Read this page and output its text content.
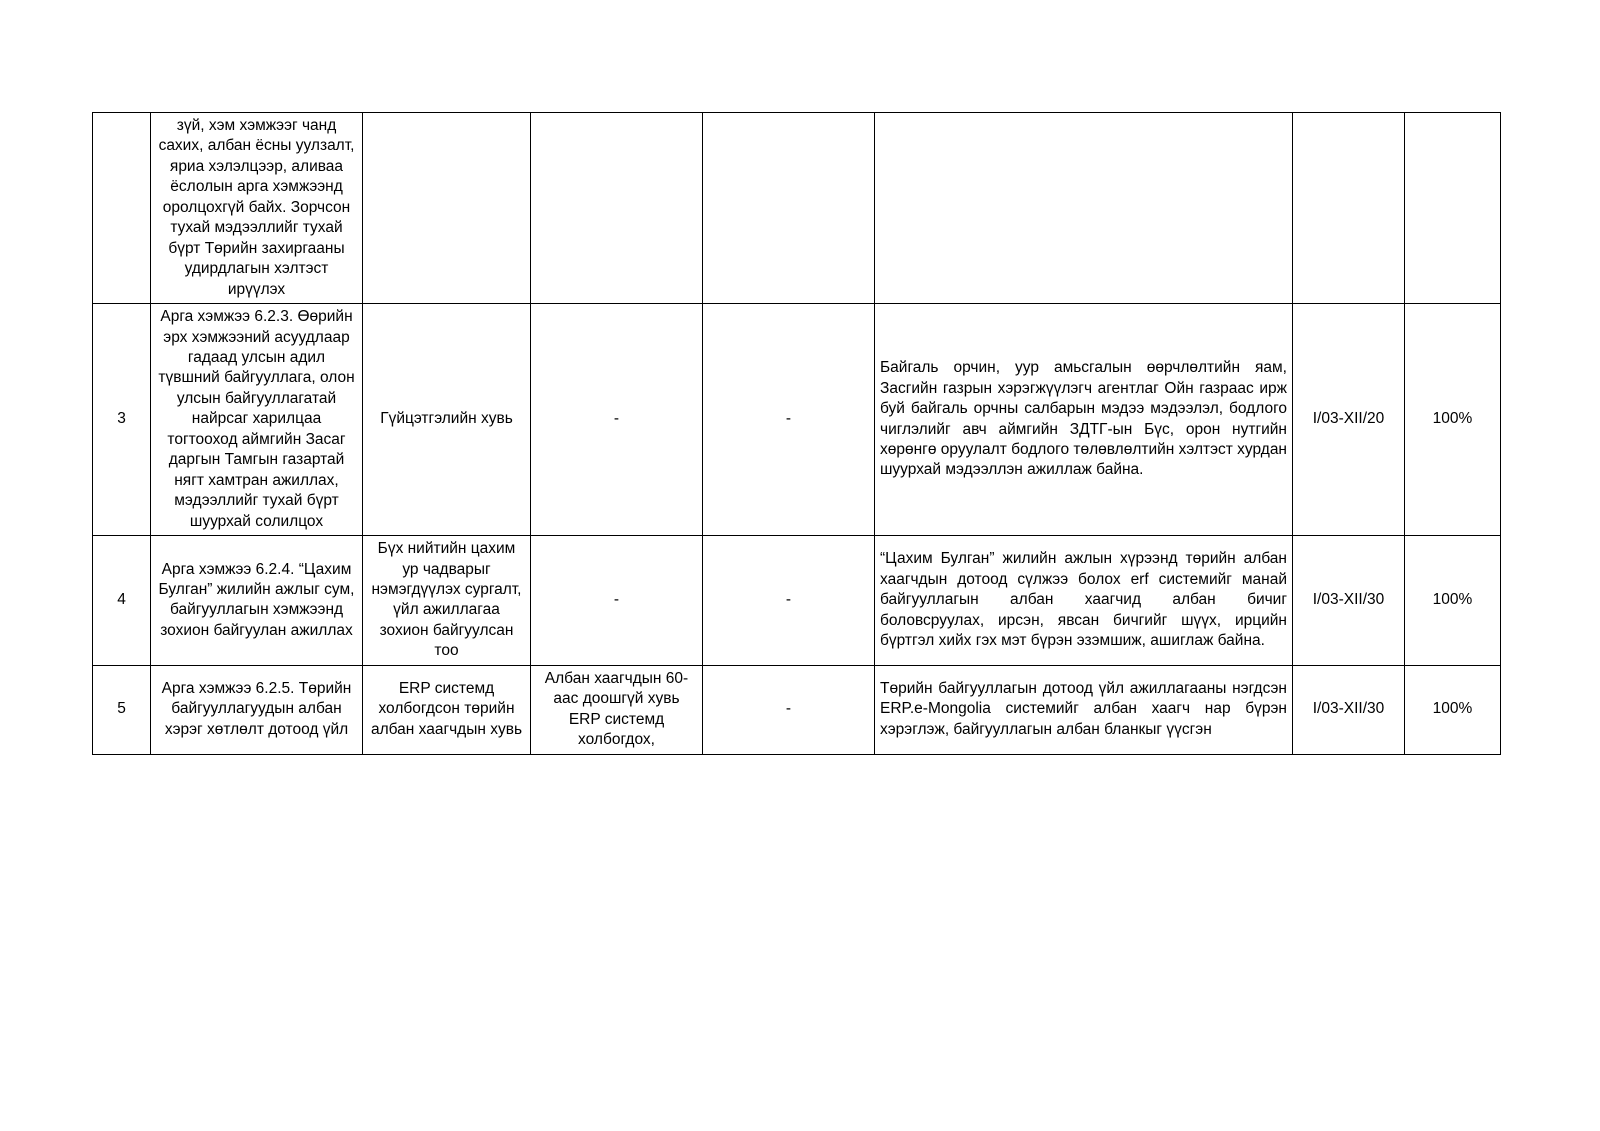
	зүй, хэм хэмжээг чанд сахих, албан ёсны уулзалт, яриа хэлэлцээр, аливаа ёслолын арга хэмжээнд оролцохгүй байх. Зорчсон тухай мэдээллийг тухай бүрт Төрийн захиргааны удирдлагын хэлтэст ирүүлэх						
3	Арга хэмжээ 6.2.3. Өөрийн эрх хэмжээний асуудлаар гадаад улсын адил түвшний байгууллага, олон улсын байгууллагатай найрсаг харилцаа тогтооход аймгийн Засаг даргын Тамгын газартай нягт хамтран ажиллах, мэдээллийг тухай бүрт шуурхай солилцох	Гүйцэтгэлийн хувь	-	-	Байгаль орчин, уур амьсгалын өөрчлөлтийн яам, Засгийн газрын хэрэгжүүлэгч агентлаг Ойн газраас ирж буй байгаль орчны салбарын мэдээ мэдээлэл, бодлого чиглэлийг авч аймгийн ЗДТГ-ын Бүс, орон нутгийн хөрөнгө оруулалт бодлого төлөвлөлтийн хэлтэст хурдан шуурхай мэдээллэн ажиллаж байна.	I/03-XII/20	100%
4	Арга хэмжээ 6.2.4. “Цахим Булган” жилийн ажлыг сум, байгууллагын хэмжээнд зохион байгуулан ажиллах	Бүх нийтийн цахим ур чадварыг нэмэгдүүлэх сургалт, үйл ажиллагаа зохион байгуулсан тоо	-	-	“Цахим Булган” жилийн ажлын хүрээнд төрийн албан хаагчдын дотоод сүлжээ болох erf системийг манай байгууллагын албан хаагчид албан бичиг боловсруулах, ирсэн, явсан бичгийг шүүх, ирцийн бүртгэл хийх гэх мэт бүрэн эзэмшиж, ашиглаж байна.	I/03-XII/30	100%
5	Арга хэмжээ 6.2.5. Төрийн байгууллагуудын албан хэрэг хөтлөлт дотоод үйл	ERP системд холбогдсон төрийн албан хаагчдын хувь	Албан хаагчдын 60-аас доошгүй хувь ERP системд холбогдох,	-	Төрийн байгууллагын дотоод үйл ажиллагааны нэгдсэн ERP.e-Mongolia системийг албан хаагч нар бүрэн хэрэглэж, байгууллагын албан бланкыг үүсгэн	I/03-XII/30	100%
